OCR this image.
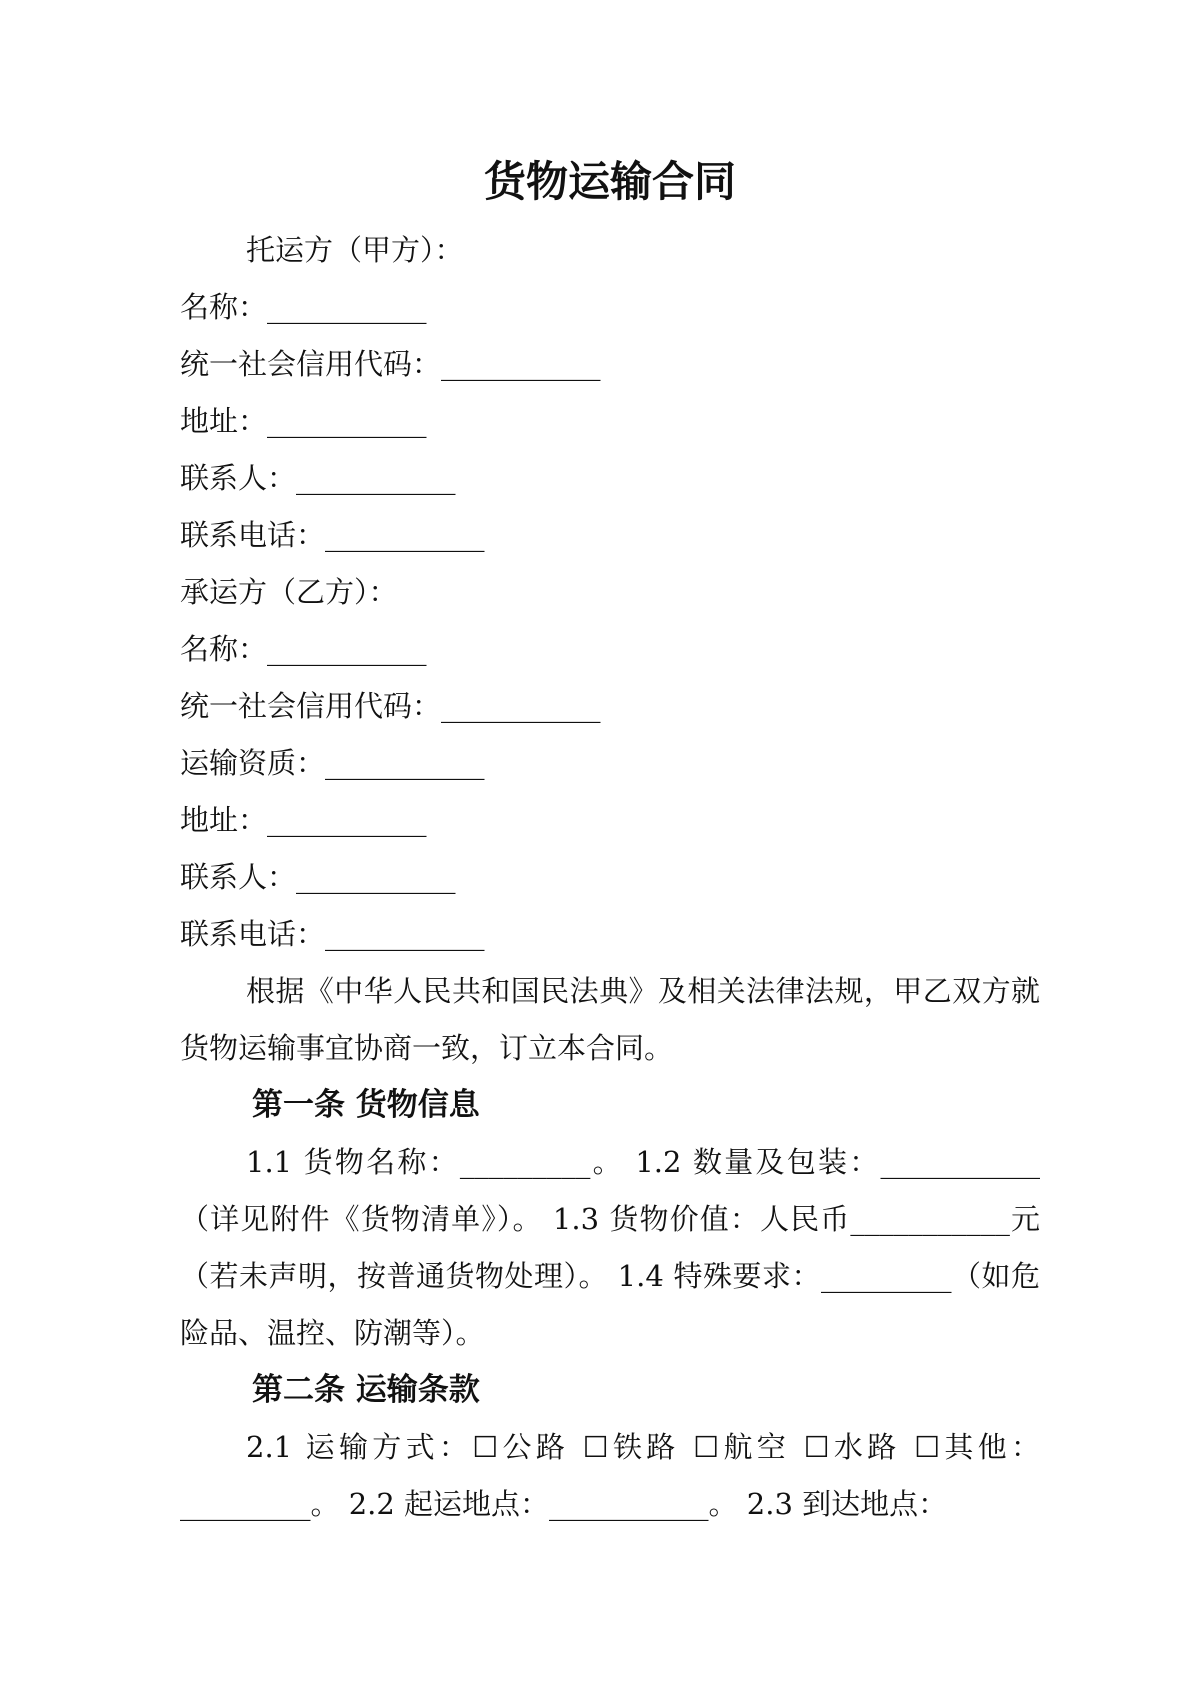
货物运输合同
托运方（甲方）：
名称：___________
统一社会信用代码：___________
地址：___________
联系人：___________
联系电话：___________
承运方（乙方）：
名称：___________
统一社会信用代码：___________
运输资质：___________
地址：___________
联系人：___________
联系电话：___________
根据《中华人民共和国民法典》及相关法律法规，甲乙双方就货物运输事宜协商一致，订立本合同。
第一条 货物信息
1.1 货物名称：_________。 1.2 数量及包装：___________（详见附件《货物清单》）。 1.3 货物价值：人民币___________元（若未声明，按普通货物处理）。 1.4 特殊要求：_________（如危险品、温控、防潮等）。
第二条 运输条款
2.1 运输方式：☐公路 ☐铁路 ☐航空 ☐水路 ☐其他：_________。 2.2 起运地点：___________。 2.3 到达地点：
